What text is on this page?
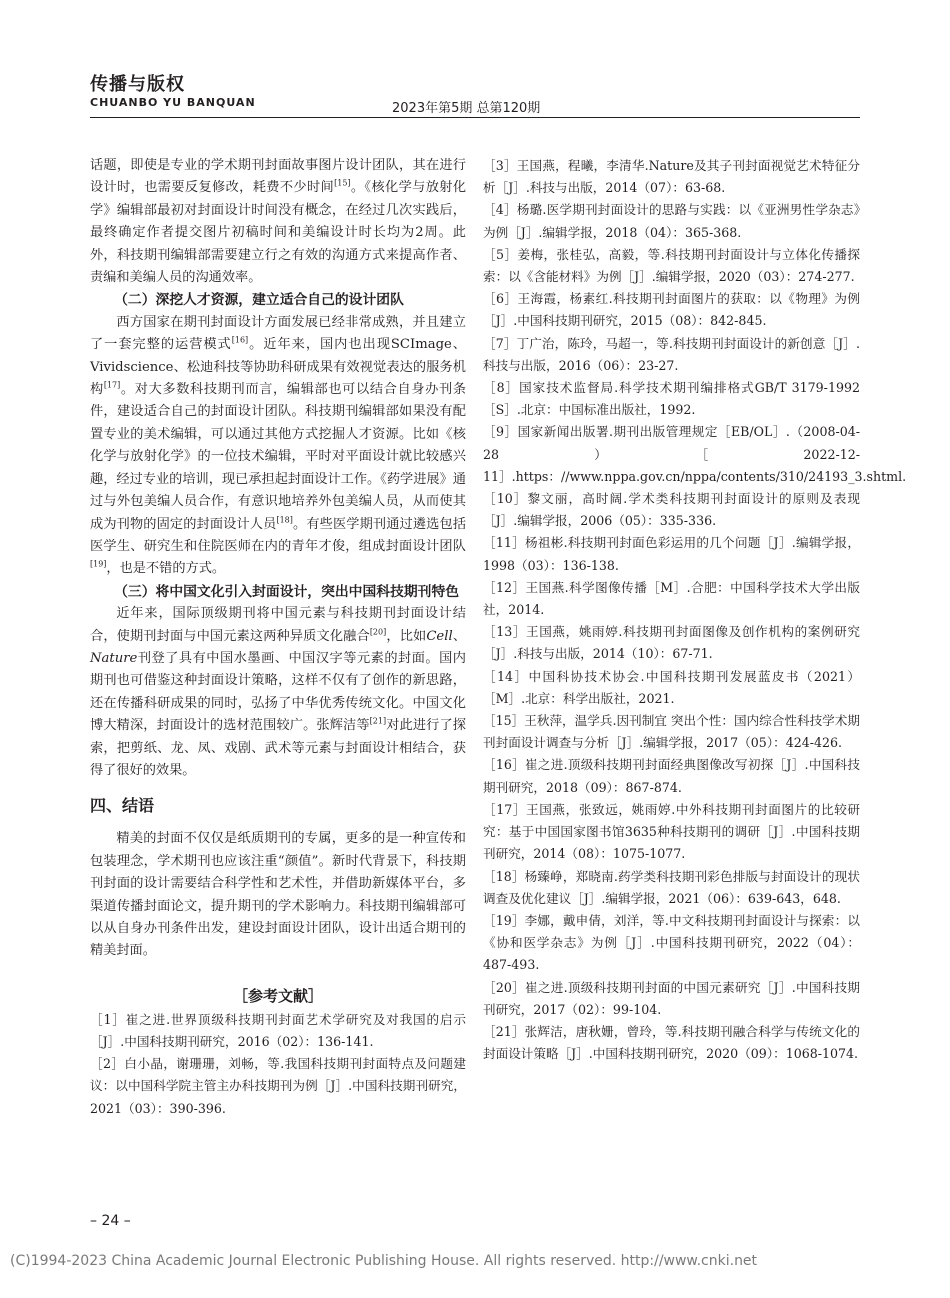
传播与版权
CHUANBO YU BANQUAN	2023年第5期 总第120期

话题，即使是专业的学术期刊封面故事图片设计团队，其在进行设计时，也需要反复修改，耗费不少时间[15]。《核化学与放射化学》编辑部最初对封面设计时间没有概念，在经过几次实践后，最终确定作者提交图片初稿时间和美编设计时长均为2周。此外，科技期刊编辑部需要建立行之有效的沟通方式来提高作者、责编和美编人员的沟通效率。

（二）深挖人才资源，建立适合自己的设计团队

西方国家在期刊封面设计方面发展已经非常成熟，并且建立了一套完整的运营模式[16]。近年来，国内也出现SCImage、Vividscience、松迪科技等协助科研成果有效视觉表达的服务机构[17]。对大多数科技期刊而言，编辑部也可以结合自身办刊条件，建设适合自己的封面设计团队。科技期刊编辑部如果没有配置专业的美术编辑，可以通过其他方式挖掘人才资源。比如《核化学与放射化学》的一位技术编辑，平时对平面设计就比较感兴趣，经过专业的培训，现已承担起封面设计工作。《药学进展》通过与外包美编人员合作，有意识地培养外包美编人员，从而使其成为刊物的固定的封面设计人员[18]。有些医学期刊通过遴选包括医学生、研究生和住院医师在内的青年才俊，组成封面设计团队[19]，也是不错的方式。

（三）将中国文化引入封面设计，突出中国科技期刊特色

近年来，国际顶级期刊将中国元素与科技期刊封面设计结合，使期刊封面与中国元素这两种异质文化融合[20]，比如Cell、Nature刊登了具有中国水墨画、中国汉字等元素的封面。国内期刊也可借鉴这种封面设计策略，这样不仅有了创作的新思路，还在传播科研成果的同时，弘扬了中华优秀传统文化。中国文化博大精深，封面设计的选材范围较广。张辉洁等[21]对此进行了探索，把剪纸、龙、凤、戏剧、武术等元素与封面设计相结合，获得了很好的效果。

四、结语

精美的封面不仅仅是纸质期刊的专属，更多的是一种宣传和包装理念，学术期刊也应该注重“颜值”。新时代背景下，科技期刊封面的设计需要结合科学性和艺术性，并借助新媒体平台，多渠道传播封面论文，提升期刊的学术影响力。科技期刊编辑部可以从自身办刊条件出发，建设封面设计团队，设计出适合期刊的精美封面。

［参考文献］
［1］崔之进.世界顶级科技期刊封面艺术学研究及对我国的启示［J］.中国科技期刊研究，2016（02）：136-141.
［2］白小晶，谢珊珊，刘畅，等.我国科技期刊封面特点及问题建议：以中国科学院主管主办科技期刊为例［J］.中国科技期刊研究，2021（03）：390-396.
［3］王国燕，程曦，李清华.Nature及其子刊封面视觉艺术特征分析［J］.科技与出版，2014（07）：63-68.
［4］杨璐.医学期刊封面设计的思路与实践：以《亚洲男性学杂志》为例［J］.编辑学报，2018（04）：365-368.
［5］姜梅，张桂弘，高毅，等.科技期刊封面设计与立体化传播探索：以《含能材料》为例［J］.编辑学报，2020（03）：274-277.
［6］王海霞，杨素红.科技期刊封面图片的获取：以《物理》为例［J］.中国科技期刊研究，2015（08）：842-845.
［7］丁广治，陈玲，马超一，等.科技期刊封面设计的新创意［J］.科技与出版，2016（06）：23-27.
［8］国家技术监督局.科学技术期刊编排格式GB/T 3179-1992［S］.北京：中国标准出版社，1992.
［9］国家新闻出版署.期刊出版管理规定［EB/OL］.（2008-04-28）［2022-12-11］.https：//www.nppa.gov.cn/nppa/contents/310/24193_3.shtml.
［10］黎文丽，高时阔.学术类科技期刊封面设计的原则及表现［J］.编辑学报，2006（05）：335-336.
［11］杨祖彬.科技期刊封面色彩运用的几个问题［J］.编辑学报，1998（03）：136-138.
［12］王国燕.科学图像传播［M］.合肥：中国科学技术大学出版社，2014.
［13］王国燕，姚雨婷.科技期刊封面图像及创作机构的案例研究［J］.科技与出版，2014（10）：67-71.
［14］中国科协技术协会.中国科技期刊发展蓝皮书（2021）［M］.北京：科学出版社，2021.
［15］王秋萍，温学兵.因刊制宜 突出个性：国内综合性科技学术期刊封面设计调查与分析［J］.编辑学报，2017（05）：424-426.
［16］崔之进.顶级科技期刊封面经典图像改写初探［J］.中国科技期刊研究，2018（09）：867-874.
［17］王国燕，张致远，姚雨婷.中外科技期刊封面图片的比较研究：基于中国国家图书馆3635种科技期刊的调研［J］.中国科技期刊研究，2014（08）：1075-1077.
［18］杨臻峥，郑晓南.药学类科技期刊彩色排版与封面设计的现状调查及优化建议［J］.编辑学报，2021（06）：639-643，648.
［19］李娜，戴申倩，刘洋，等.中文科技期刊封面设计与探索：以《协和医学杂志》为例［J］.中国科技期刊研究，2022（04）：487-493.
［20］崔之进.顶级科技期刊封面的中国元素研究［J］.中国科技期刊研究，2017（02）：99-104.
［21］张辉洁，唐秋姗，曾玲，等.科技期刊融合科学与传统文化的封面设计策略［J］.中国科技期刊研究，2020（09）：1068-1074.
– 24 –
(C)1994-2023 China Academic Journal Electronic Publishing House. All rights reserved. http://www.cnki.net
